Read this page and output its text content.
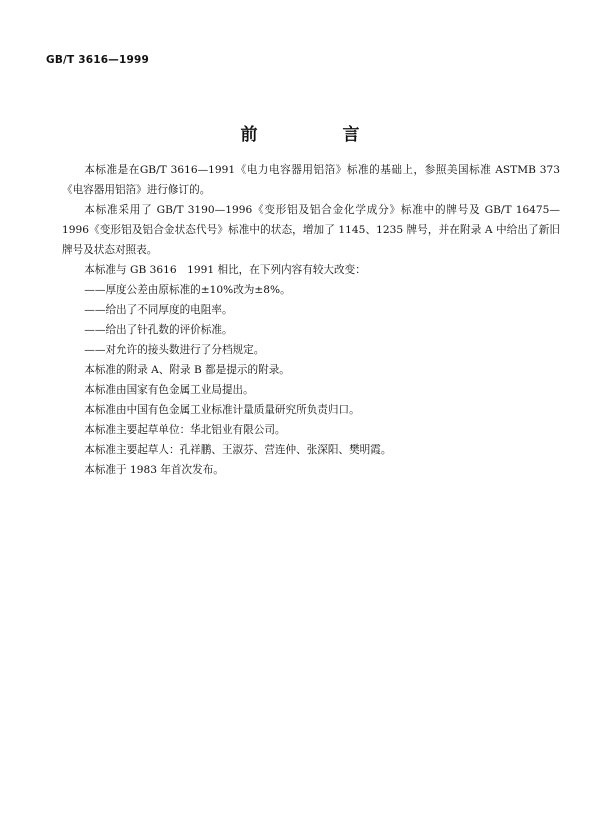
GB/T 3616—1999
前　言

本标准是在GB/T 3616—1991《电力电容器用铝箔》标准的基础上，参照美国标准 ASTMB 373《电容器用铝箔》进行修订的。

本标准采用了 GB/T 3190—1996《变形铝及铝合金化学成分》标准中的牌号及 GB/T 16475—1996《变形铝及铝合金状态代号》标准中的状态，增加了 1145、1235 牌号，并在附录 A 中给出了新旧牌号及状态对照表。

本标准与 GB 3616　1991 相比，在下列内容有较大改变：

——厚度公差由原标准的±10%改为±8%。

——给出了不同厚度的电阻率。

——给出了针孔数的评价标准。

——对允许的接头数进行了分档规定。

本标准的附录 A、附录 B 都是提示的附录。

本标准由国家有色金属工业局提出。

本标准由中国有色金属工业标准计量质量研究所负责归口。

本标准主要起草单位：华北铝业有限公司。

本标准主要起草人：孔祥鹏、王淑芬、营连仲、张深阳、樊明霞。

本标准于 1983 年首次发布。
